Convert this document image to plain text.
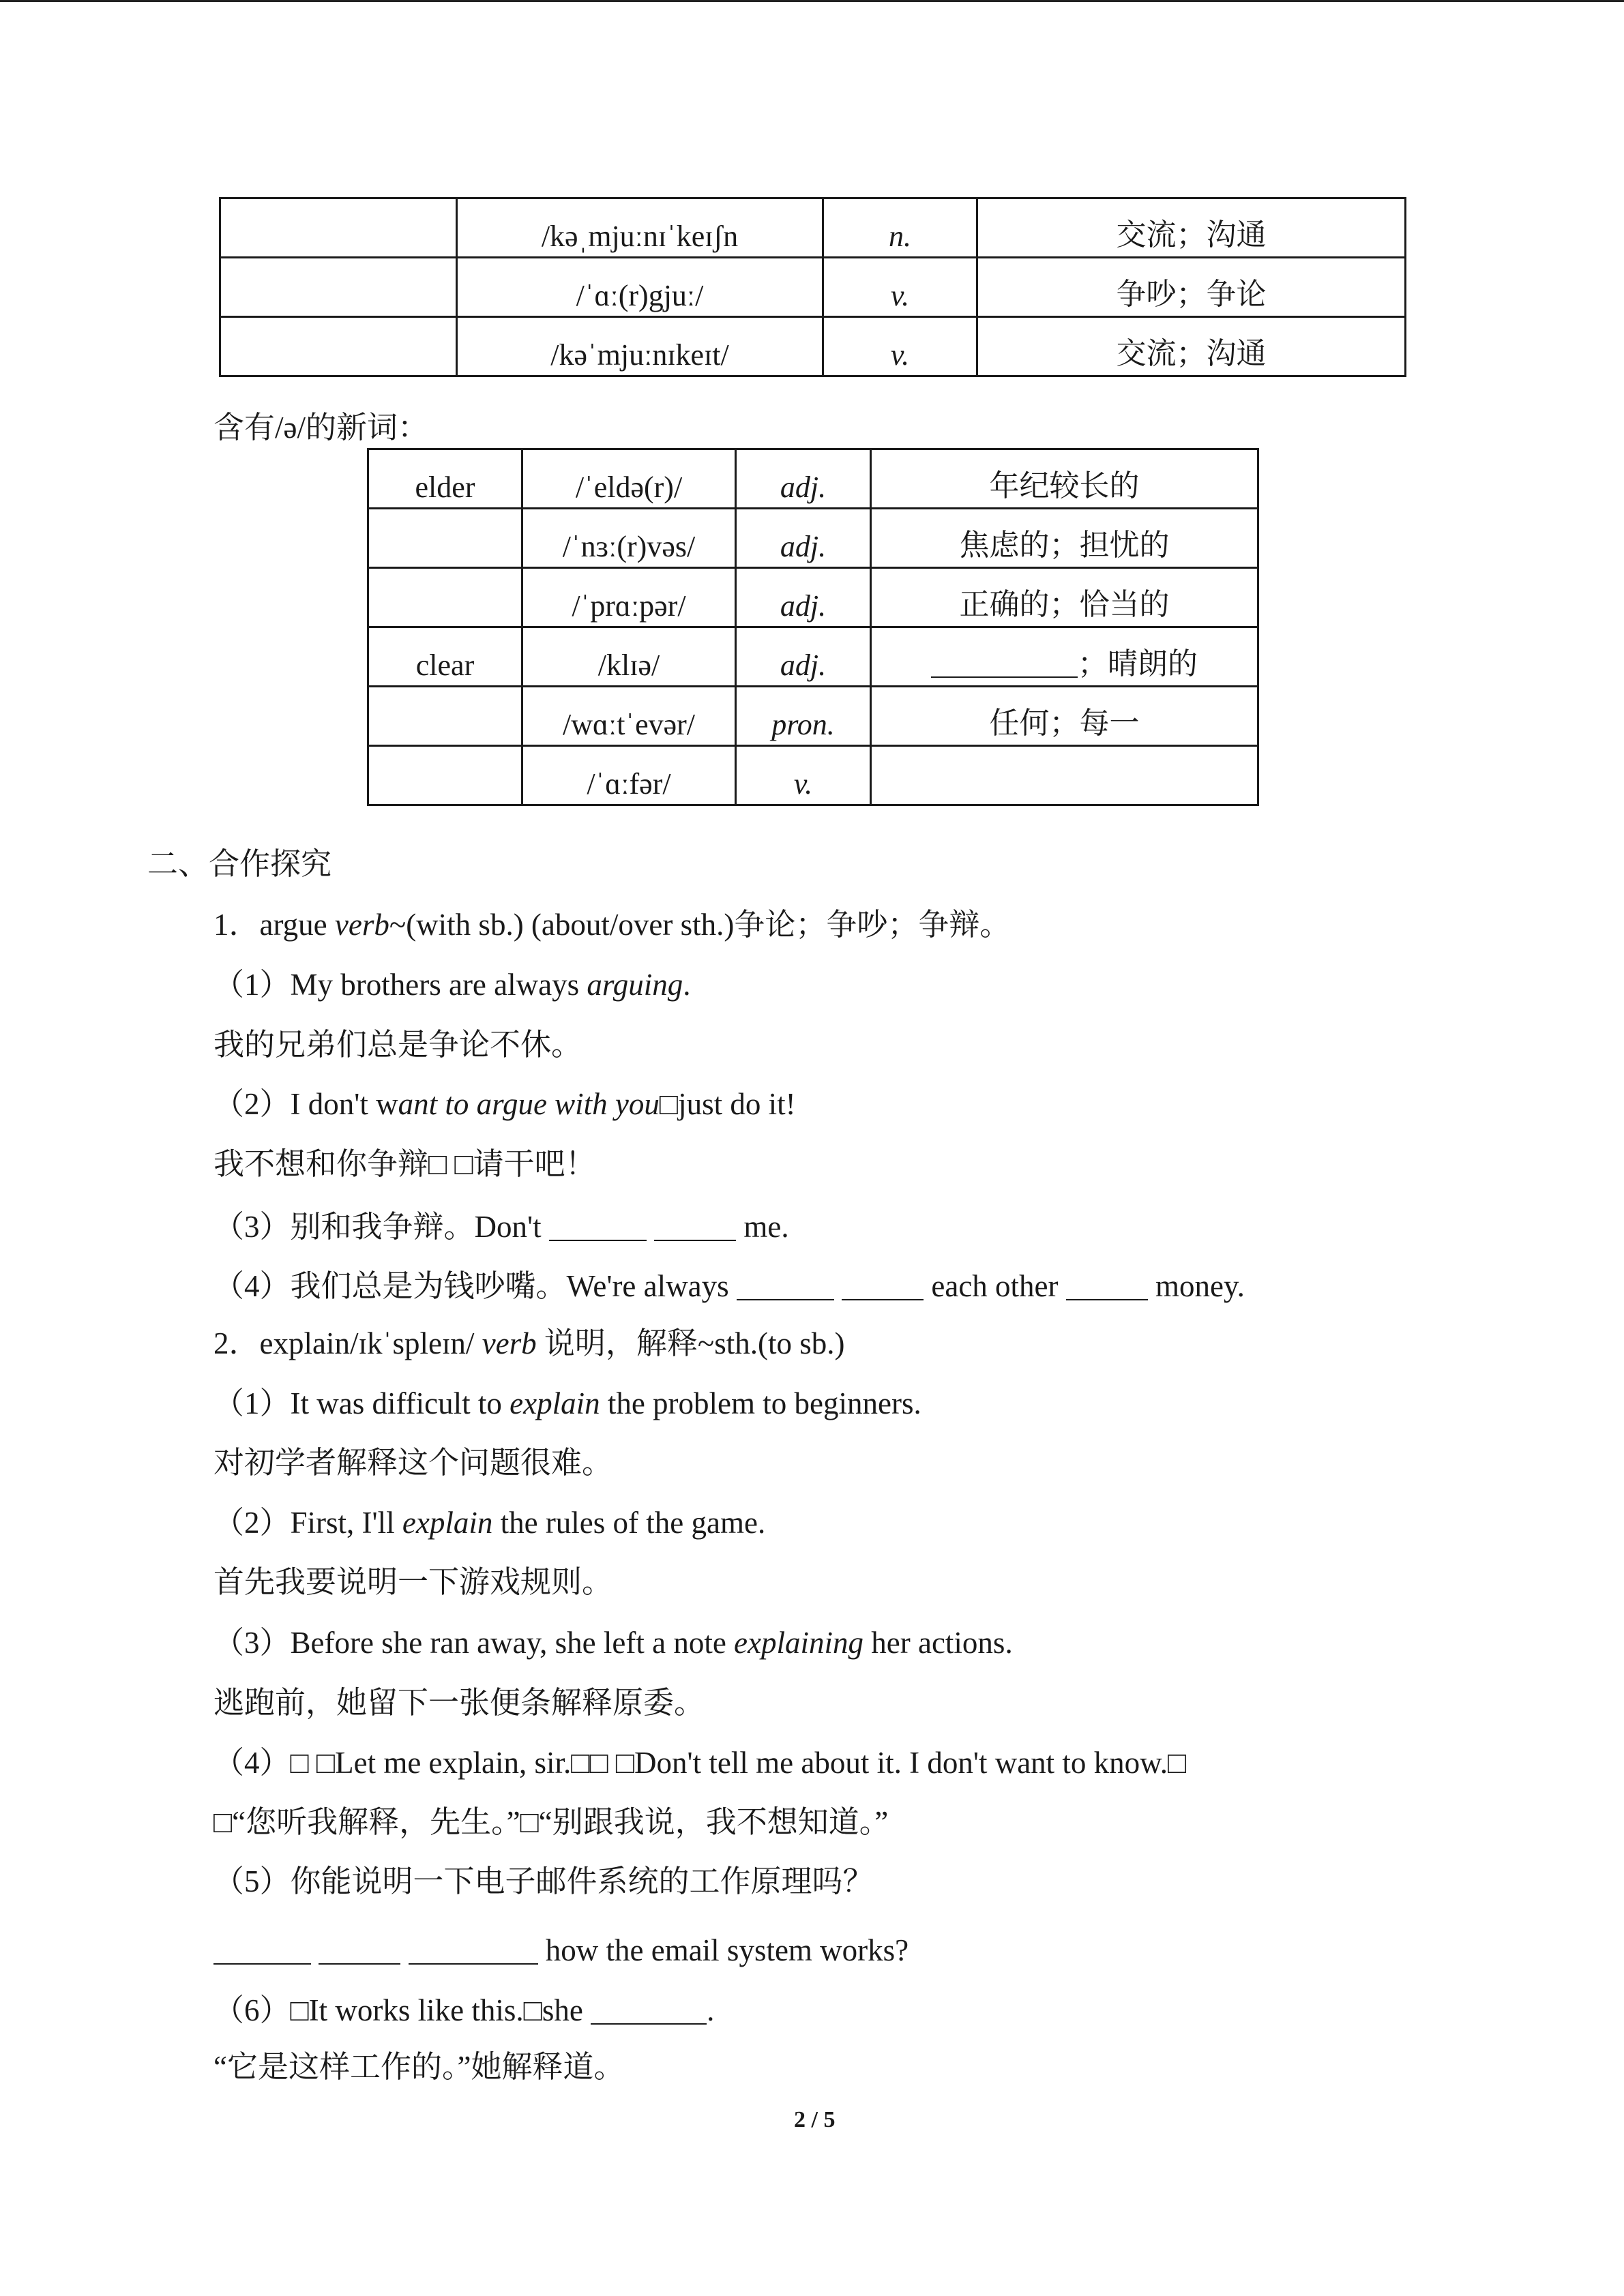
	/kəˌmjuːnɪˈkeɪʃn	n.	交流；沟通
	/ˈɑː(r)gjuː/	v.	争吵；争论
	/kəˈmjuːnɪkeɪt/	v.	交流；沟通
含有/ə/的新词：
elder	/ˈeldə(r)/	adj.	年纪较长的
	/ˈnɜː(r)vəs/	adj.	焦虑的；担忧的
	/ˈprɑːpər/	adj.	正确的；恰当的
clear	/klɪə/	adj.	；晴朗的
	/wɑːtˈevər/	pron.	任何；每一
	/ˈɑːfər/	v.	
二、合作探究
1．argue verb~(with sb.) (about/over sth.)争论；争吵；争辩。
（1）My brothers are always arguing.
我的兄弟们总是争论不休。
（2）I don't want to argue with you□just do it!
我不想和你争辩□ □请干吧！
（3）别和我争辩。Don't	me.
（4）我们总是为钱吵嘴。We're always	each other	money.
2．explain/ɪkˈspleɪn/ verb 说明，解释~sth.(to sb.)
（1）It was difficult to explain the problem to beginners.
对初学者解释这个问题很难。
（2）First, I'll explain the rules of the game.
首先我要说明一下游戏规则。
（3）Before she ran away, she left a note explaining her actions.
逃跑前，她留下一张便条解释原委。
（4）□ □Let me explain, sir.□□ □Don't tell me about it. I don't want to know.□
□“您听我解释，先生。”□“别跟我说，我不想知道。”
（5）你能说明一下电子邮件系统的工作原理吗？
how the email system works?
（6）□It works like this.□she	.
“它是这样工作的。”她解释道。
2 / 5
